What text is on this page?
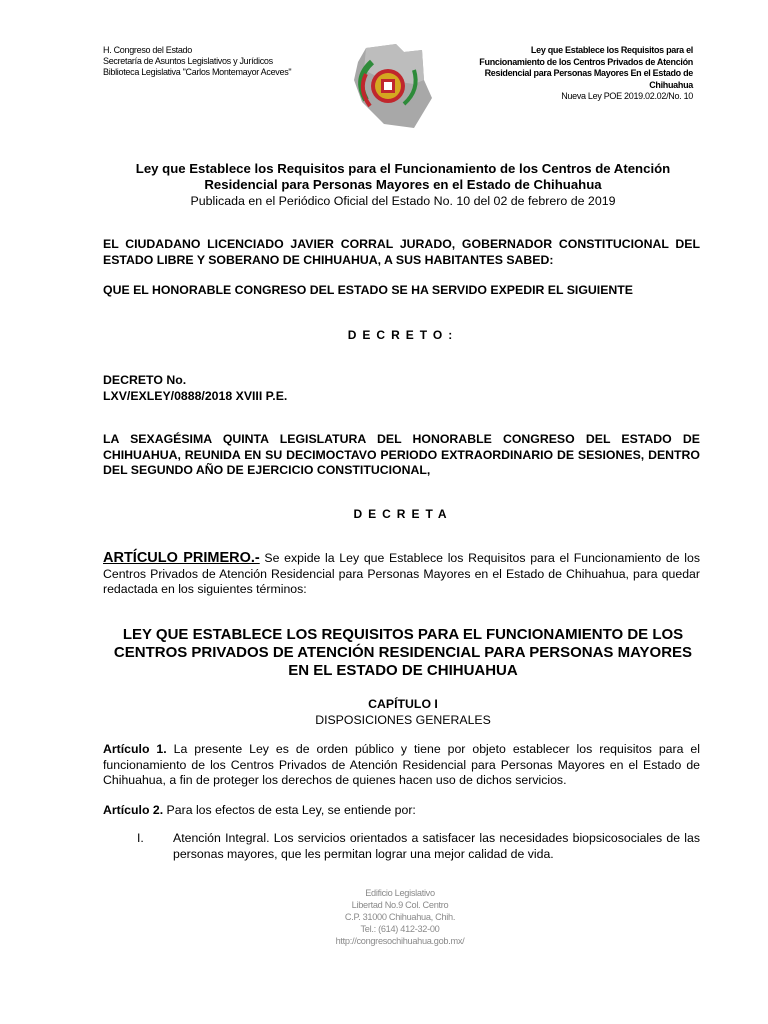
H. Congreso del Estado
Secretaría de Asuntos Legislativos y Jurídicos
Biblioteca Legislativa "Carlos Montemayor Aceves"
Ley que Establece los Requisitos para el
Funcionamiento de los Centros Privados de Atención
Residencial para Personas Mayores En el Estado de
Chihuahua
Nueva Ley POE 2019.02.02/No. 10
Ley que Establece los Requisitos para el Funcionamiento de los Centros de Atención
Residencial para Personas Mayores en el Estado de Chihuahua
Publicada en el Periódico Oficial del Estado No. 10 del 02 de febrero de 2019
EL CIUDADANO LICENCIADO JAVIER CORRAL JURADO, GOBERNADOR CONSTITUCIONAL DEL ESTADO LIBRE Y SOBERANO DE CHIHUAHUA, A SUS HABITANTES SABED:
QUE EL HONORABLE CONGRESO DEL ESTADO SE HA SERVIDO EXPEDIR EL SIGUIENTE
DECRETO:
DECRETO No.
LXV/EXLEY/0888/2018 XVIII P.E.
LA SEXAGÉSIMA QUINTA LEGISLATURA DEL HONORABLE CONGRESO DEL ESTADO DE CHIHUAHUA, REUNIDA EN SU DECIMOCTAVO PERIODO EXTRAORDINARIO DE SESIONES, DENTRO DEL SEGUNDO AÑO DE EJERCICIO CONSTITUCIONAL,
DECRETA
ARTÍCULO PRIMERO.- Se expide la Ley que Establece los Requisitos para el Funcionamiento de los Centros Privados de Atención Residencial para Personas Mayores en el Estado de Chihuahua, para quedar redactada en los siguientes términos:
LEY QUE ESTABLECE LOS REQUISITOS PARA EL FUNCIONAMIENTO DE LOS
CENTROS PRIVADOS DE ATENCIÓN RESIDENCIAL PARA PERSONAS MAYORES
EN EL ESTADO DE CHIHUAHUA
CAPÍTULO I
DISPOSICIONES GENERALES
Artículo 1. La presente Ley es de orden público y tiene por objeto establecer los requisitos para el funcionamiento de los Centros Privados de Atención Residencial para Personas Mayores en el Estado de Chihuahua, a fin de proteger los derechos de quienes hacen uso de dichos servicios.
Artículo 2. Para los efectos de esta Ley, se entiende por:
I. Atención Integral. Los servicios orientados a satisfacer las necesidades biopsicosociales de las personas mayores, que les permitan lograr una mejor calidad de vida.
Edificio Legislativo
Libertad No.9 Col. Centro
C.P. 31000 Chihuahua, Chih.
Tel.: (614) 412-32-00
http://congresochihuahua.gob.mx/
